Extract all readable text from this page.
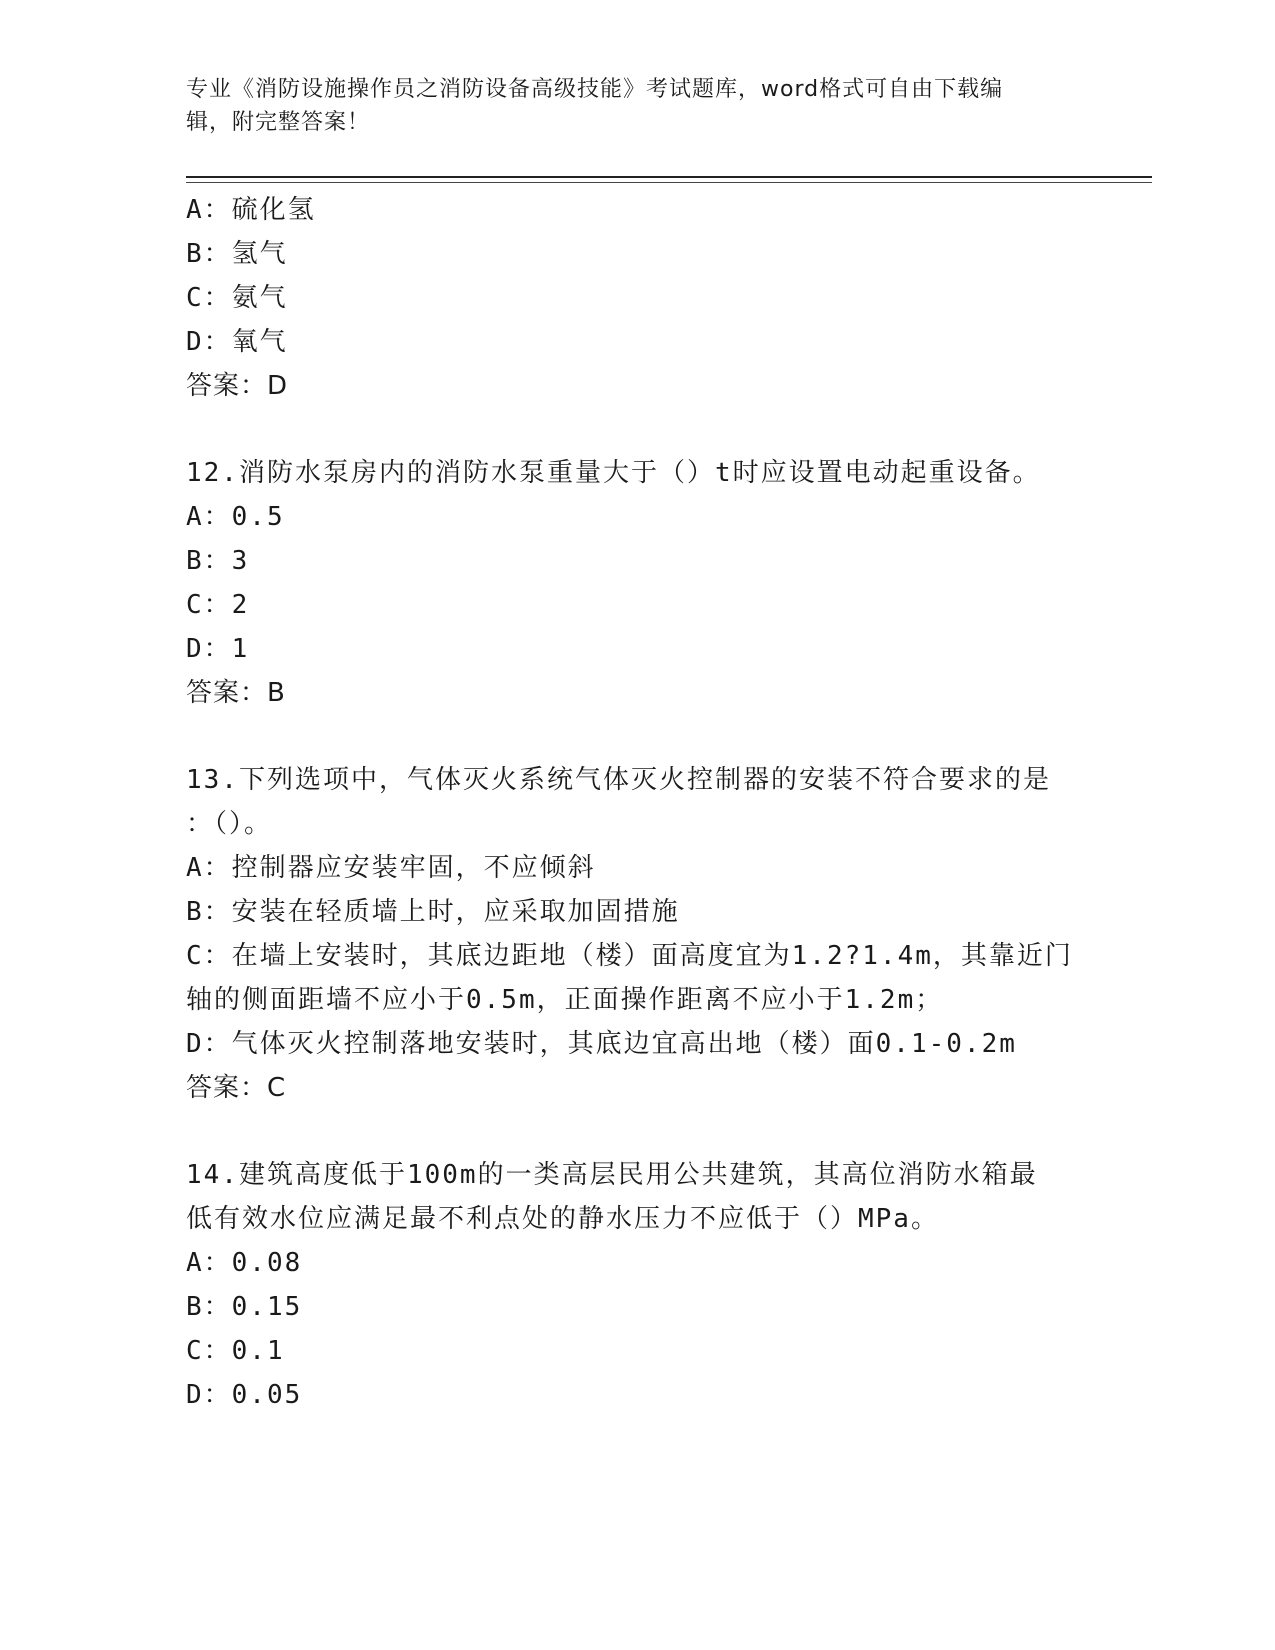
专业《消防设施操作员之消防设备高级技能》考试题库，word格式可自由下载编
辑，附完整答案！
A：硫化氢
B：氢气
C：氨气
D：氧气
答案：D
12.消防水泵房内的消防水泵重量大于（）t时应设置电动起重设备。
A：0.5
B：3
C：2
D：1
答案：B
13.下列选项中，气体灭火系统气体灭火控制器的安装不符合要求的是
：（）。
A：控制器应安装牢固，不应倾斜
B：安装在轻质墙上时，应采取加固措施
C：在墙上安装时，其底边距地（楼）面高度宜为1.2?1.4m，其靠近门
轴的侧面距墙不应小于0.5m，正面操作距离不应小于1.2m；
D：气体灭火控制落地安装时，其底边宜高出地（楼）面0.1-0.2m
答案：C
14.建筑高度低于100m的一类高层民用公共建筑，其高位消防水箱最
低有效水位应满足最不利点处的静水压力不应低于（）MPa。
A：0.08
B：0.15
C：0.1
D：0.05
